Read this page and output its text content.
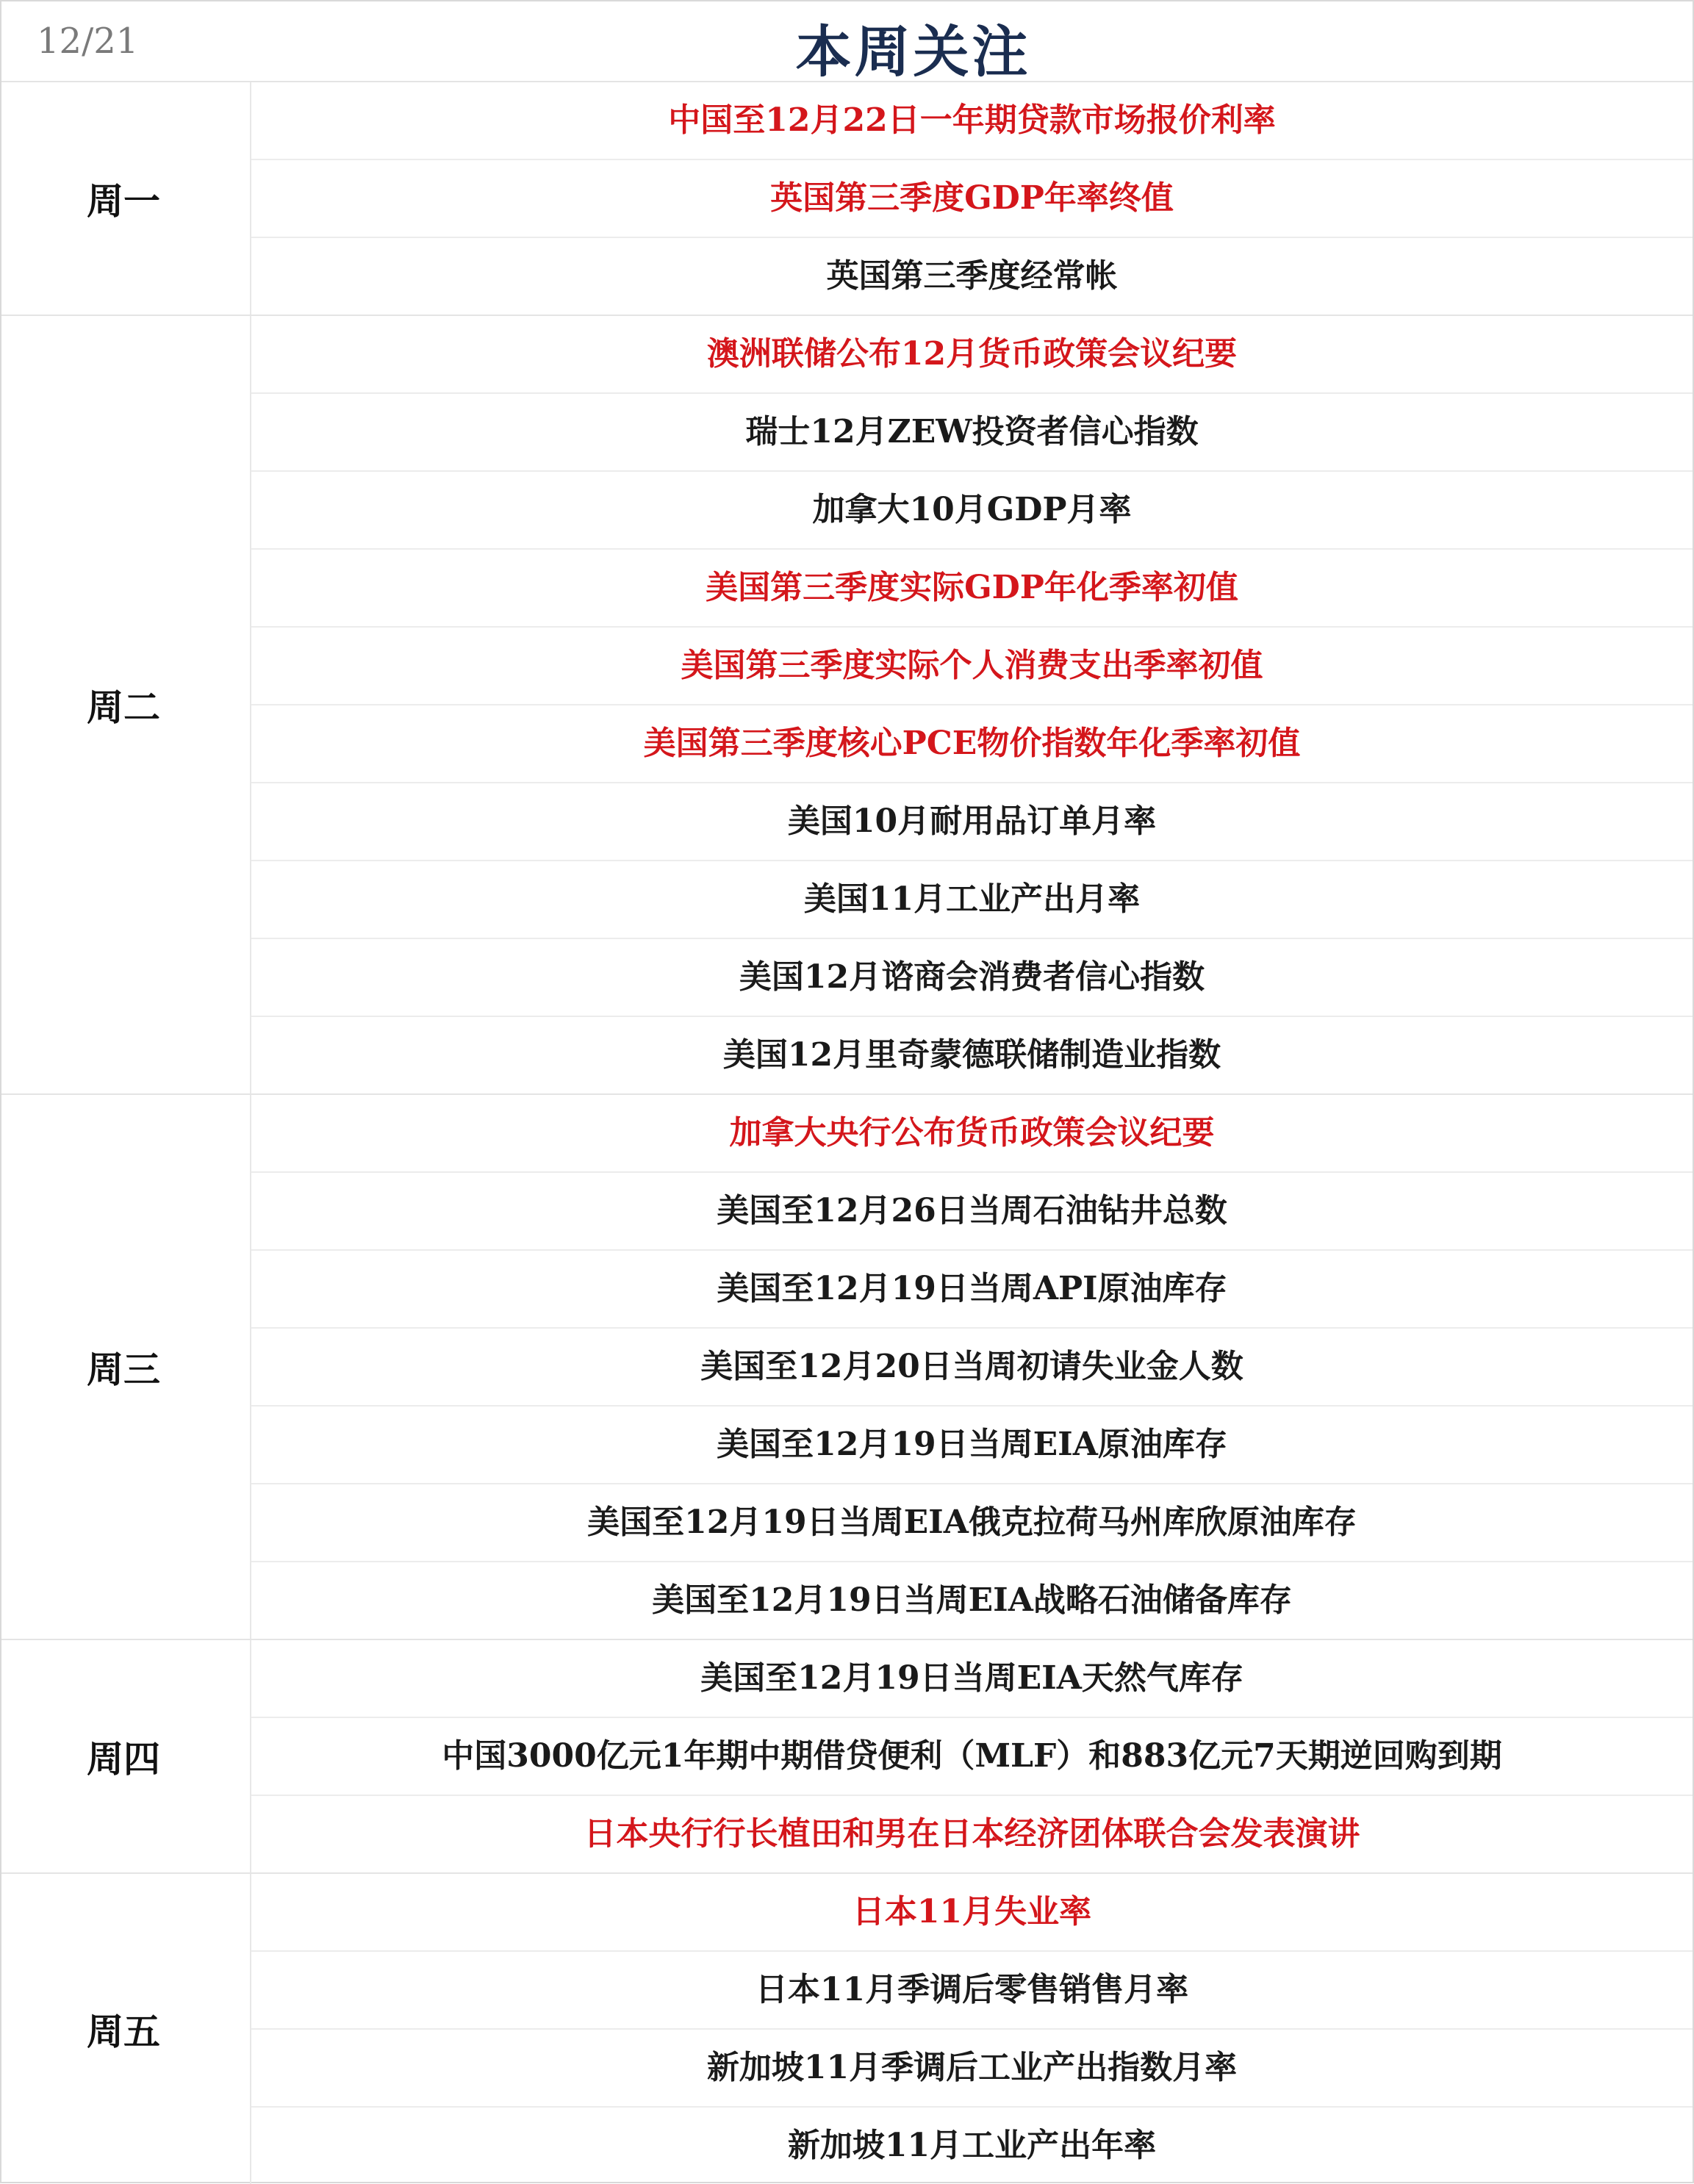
12/21	本周关注
周一
中国至12月22日一年期贷款市场报价利率
英国第三季度GDP年率终值
英国第三季度经常帐
周二
澳洲联储公布12月货币政策会议纪要
瑞士12月ZEW投资者信心指数
加拿大10月GDP月率
美国第三季度实际GDP年化季率初值
美国第三季度实际个人消费支出季率初值
美国第三季度核心PCE物价指数年化季率初值
美国10月耐用品订单月率
美国11月工业产出月率
美国12月谘商会消费者信心指数
美国12月里奇蒙德联储制造业指数
周三
加拿大央行公布货币政策会议纪要
美国至12月26日当周石油钻井总数
美国至12月19日当周API原油库存
美国至12月20日当周初请失业金人数
美国至12月19日当周EIA原油库存
美国至12月19日当周EIA俄克拉荷马州库欣原油库存
美国至12月19日当周EIA战略石油储备库存
周四
美国至12月19日当周EIA天然气库存
中国3000亿元1年期中期借贷便利（MLF）和883亿元7天期逆回购到期
日本央行行长植田和男在日本经济团体联合会发表演讲
周五
日本11月失业率
日本11月季调后零售销售月率
新加坡11月季调后工业产出指数月率
新加坡11月工业产出年率
